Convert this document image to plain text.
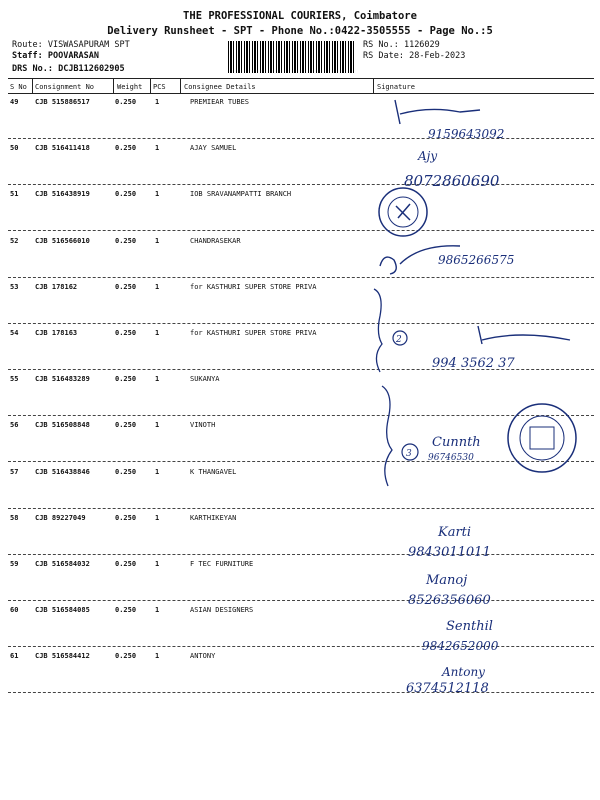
THE PROFESSIONAL COURIERS, Coimbatore
Delivery Runsheet - SPT - Phone No.:0422-3505555 - Page No.:5
Route: VISWASAPURAM SPT
Staff: POOVARASAN
DRS No.: DCJB112602905
RS No.: 1126029
RS Date: 28-Feb-2023
S No Consignment No	Weight PCS	Consignee Details	Signature
49 CJB 515886517	0.250	1	PREMIEAR TUBES
50 CJB 516411418	0.250	1	AJAY SAMUEL
51 CJB 516438919	0.250	1	IOB SRAVANAMPATTI BRANCH
52 CJB 516566010	0.250	1	CHANDRASEKAR
53 CJB 178162	0.250	1	for KASTHURI SUPER STORE PRIVA
54 CJB 178163	0.250	1	for KASTHURI SUPER STORE PRIVA
55 CJB 516483289	0.250	1	SUKANYA
56 CJB 516508848	0.250	1	VINOTH
57 CJB 516438846	0.250	1	K THANGAVEL
58 CJB 89227049	0.250	1	KARTHIKEYAN
59 CJB 516584032	0.250	1	F TEC FURNITURE
60 CJB 516584085	0.250	1	ASIAN DESIGNERS
61 CJB 516584412	0.250	1	ANTONY
9159643092
Ajy
8072860690
9865266575
2
994 3562 37
3
Cunnth
96746530
Karti
9843011011
Manoj
8526356060
Senthil
9842652000
Antony
6374512118
